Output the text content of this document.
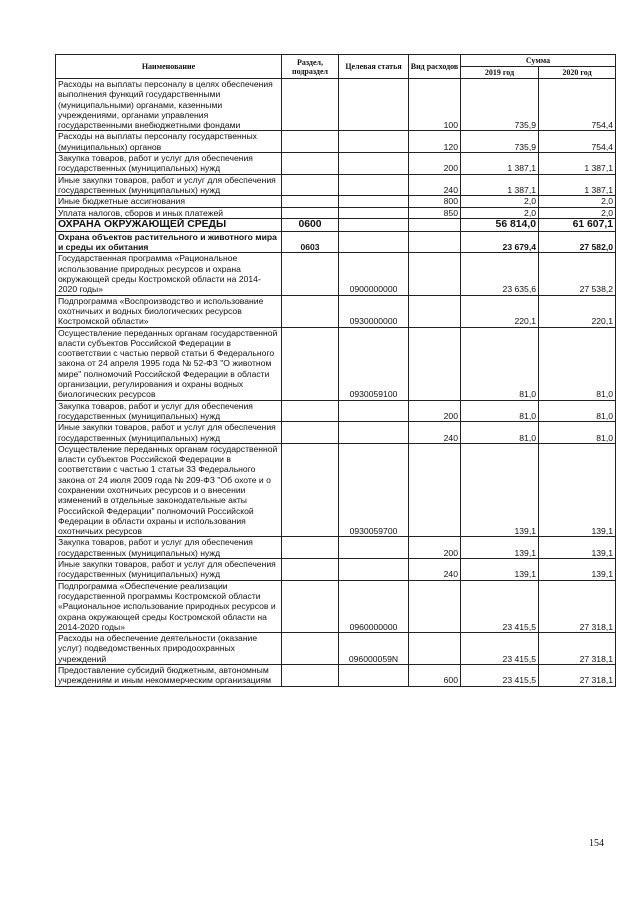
Наименование	Раздел, подраздел	Целевая статья	Вид расходов	Сумма	
				2019 год	2020 год
Расходы на выплаты персоналу в целях обеспечения выполнения функций государственными (муниципальными) органами, казенными учреждениями, органами управления государственными внебюджетными фондами			100	735,9	754,4
Расходы на выплаты персоналу государственных (муниципальных) органов			120	735,9	754,4
Закупка товаров, работ и услуг для обеспечения государственных (муниципальных) нужд			200	1 387,1	1 387,1
Иные закупки товаров, работ и услуг для обеспечения государственных (муниципальных) нужд			240	1 387,1	1 387,1
Иные бюджетные ассигнования			800	2,0	2,0
Уплата налогов, сборов и иных платежей			850	2,0	2,0
ОХРАНА ОКРУЖАЮЩЕЙ СРЕДЫ	0600			56 814,0	61 607,1
Охрана объектов растительного и животного мира и среды их обитания	0603			23 679,4	27 582,0
Государственная программа «Рациональное использование природных ресурсов и охрана окружающей среды Костромской области на 2014-2020 годы»		0900000000		23 635,6	27 538,2
Подпрограмма «Воспроизводство и использование охотничьих и водных биологических ресурсов Костромской области»		0930000000		220,1	220,1
Осуществление переданных органам государственной власти субъектов Российской Федерации в соответствии с частью первой статьи 6 Федерального закона от 24 апреля 1995 года № 52-ФЗ "О животном мире" полномочий Российской Федерации в области организации, регулирования и охраны водных биологических ресурсов		0930059100		81,0	81,0
Закупка товаров, работ и услуг для обеспечения государственных (муниципальных) нужд			200	81,0	81,0
Иные закупки товаров, работ и услуг для обеспечения государственных (муниципальных) нужд			240	81,0	81,0
Осуществление переданных органам государственной власти субъектов Российской Федерации в соответствии с частью 1 статьи 33 Федерального закона от 24 июля 2009 года № 209-ФЗ "Об охоте и о сохранении охотничьих ресурсов и о внесении изменений в отдельные законодательные акты Российской Федерации" полномочий Российской Федерации в области охраны и использования охотничьих ресурсов		0930059700		139,1	139,1
Закупка товаров, работ и услуг для обеспечения государственных (муниципальных) нужд			200	139,1	139,1
Иные закупки товаров, работ и услуг для обеспечения государственных (муниципальных) нужд			240	139,1	139,1
Подпрограмма «Обеспечение реализации государственной программы Костромской области «Рациональное использование природных ресурсов и охрана окружающей среды Костромской области на 2014-2020 годы»		0960000000		23 415,5	27 318,1
Расходы на обеспечение деятельности (оказание услуг) подведомственных природоохранных учреждений		096000059N		23 415,5	27 318,1
Предоставление субсидий бюджетным, автономным учреждениям и иным некоммерческим организациям			600	23 415,5	27 318,1
154
